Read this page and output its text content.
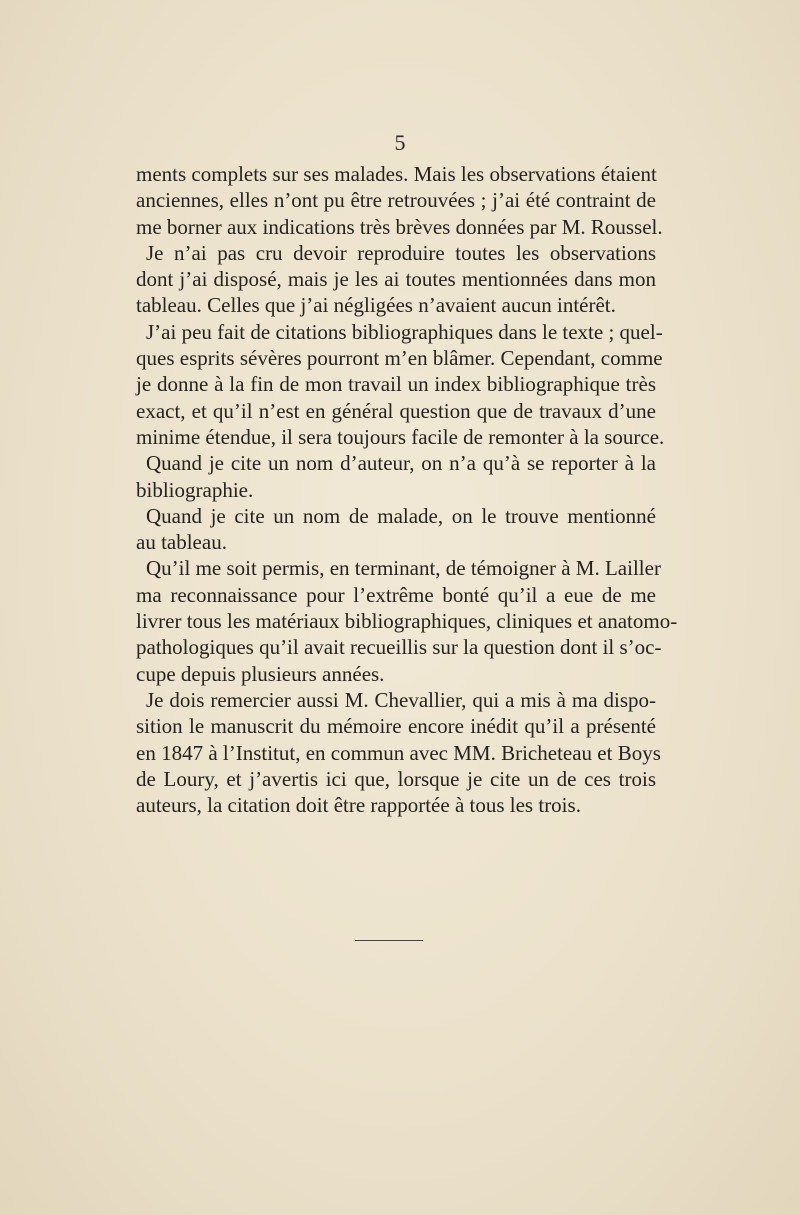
5

ments complets sur ses malades. Mais les observations étaient
anciennes, elles n’ont pu être retrouvées ; j’ai été contraint de
me borner aux indications très brèves données par M. Roussel.

Je n’ai pas cru devoir reproduire toutes les observations
dont j’ai disposé, mais je les ai toutes mentionnées dans mon
tableau. Celles que j’ai négligées n’avaient aucun intérêt.

J’ai peu fait de citations bibliographiques dans le texte ; quel-
ques esprits sévères pourront m’en blâmer. Cependant, comme
je donne à la fin de mon travail un index bibliographique très
exact, et qu’il n’est en général question que de travaux d’une
minime étendue, il sera toujours facile de remonter à la source.

Quand je cite un nom d’auteur, on n’a qu’à se reporter à la
bibliographie.

Quand je cite un nom de malade, on le trouve mentionné
au tableau.

Qu’il me soit permis, en terminant, de témoigner à M. Lailler
ma reconnaissance pour l’extrême bonté qu’il a eue de me
livrer tous les matériaux bibliographiques, cliniques et anatomo-
pathologiques qu’il avait recueillis sur la question dont il s’oc-
cupe depuis plusieurs années.

Je dois remercier aussi M. Chevallier, qui a mis à ma dispo-
sition le manuscrit du mémoire encore inédit qu’il a présenté
en 1847 à l’Institut, en commun avec MM. Bricheteau et Boys
de Loury, et j’avertis ici que, lorsque je cite un de ces trois
auteurs, la citation doit être rapportée à tous les trois.
